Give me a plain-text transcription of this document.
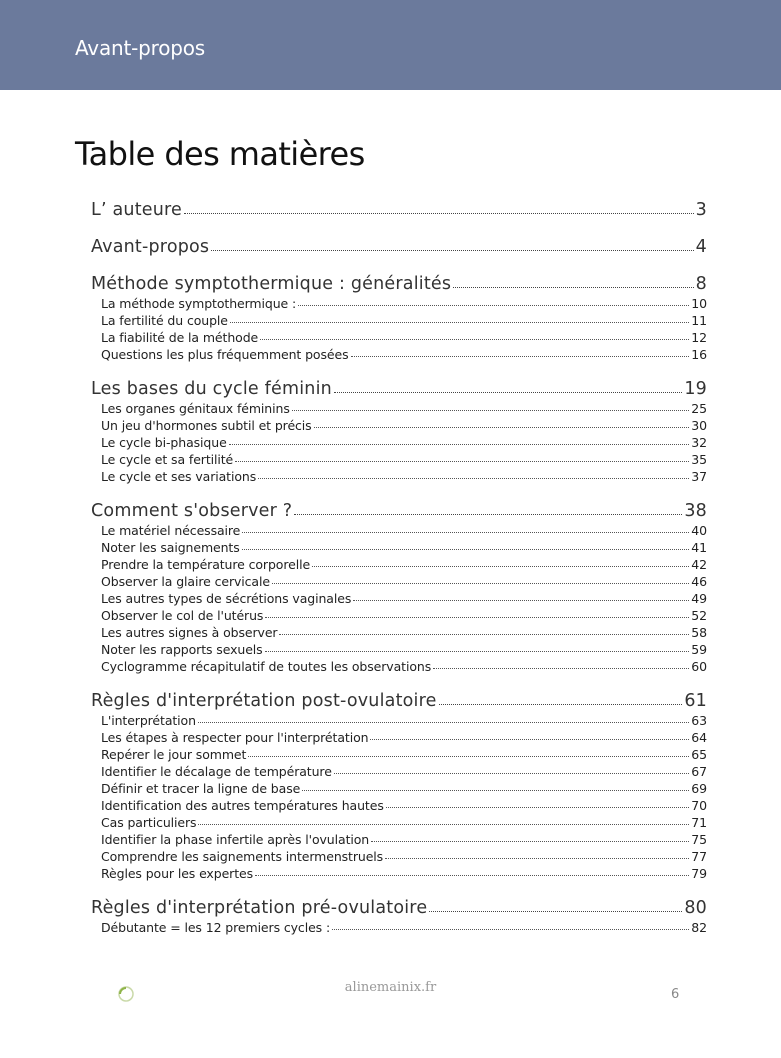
Avant-propos
Table des matières
L’ auteure	3
Avant-propos	4
Méthode symptothermique : généralités	8
La méthode symptothermique :	10
La fertilité du couple	11
La fiabilité de la méthode	12
Questions les plus fréquemment posées	16
Les bases du cycle féminin	19
Les organes génitaux féminins	25
Un jeu d'hormones subtil et précis	30
Le cycle bi-phasique	32
Le cycle et sa fertilité	35
Le cycle et ses variations	37
Comment s'observer ?	38
Le matériel nécessaire	40
Noter les saignements	41
Prendre la température corporelle	42
Observer la glaire cervicale	46
Les autres types de sécrétions vaginales	49
Observer le col de l'utérus	52
Les autres signes à observer	58
Noter les rapports sexuels	59
Cyclogramme récapitulatif de toutes les observations	60
Règles d'interprétation post-ovulatoire	61
L'interprétation	63
Les étapes à respecter pour l'interprétation	64
Repérer le jour sommet	65
Identifier le décalage de température	67
Définir et tracer la ligne de base	69
Identification des autres températures hautes	70
Cas particuliers	71
Identifier la phase infertile après l'ovulation	75
Comprendre les saignements intermenstruels	77
Règles pour les expertes	79
Règles d'interprétation pré-ovulatoire	80
Débutante = les 12 premiers cycles :	82
alinemainix.fr	6
